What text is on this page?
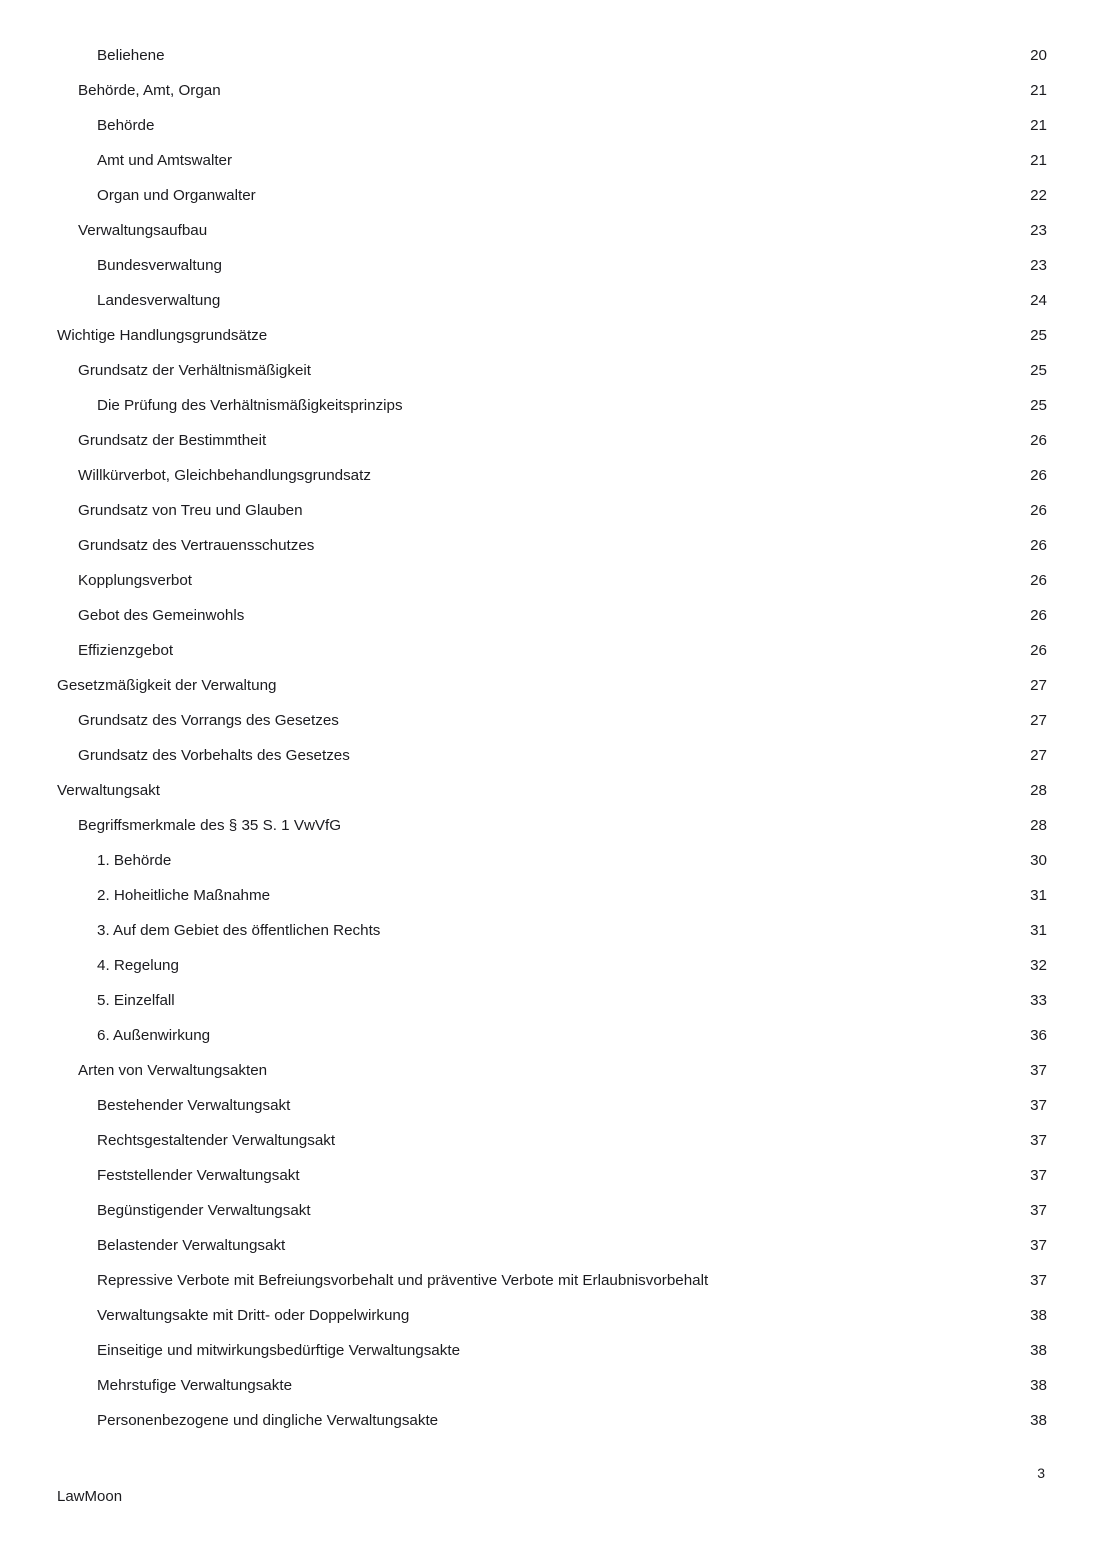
Beliehene . . .	20
Behörde, Amt, Organ . . .	21
Behörde . . .	21
Amt und Amtswalter . . .	21
Organ und Organwalter . . .	22
Verwaltungsaufbau . . .	23
Bundesverwaltung . . .	23
Landesverwaltung . . .	24
Wichtige Handlungsgrundsätze . . .	25
Grundsatz der Verhältnismäßigkeit . . .	25
Die Prüfung des Verhältnismäßigkeitsprinzips . . .	25
Grundsatz der Bestimmtheit . . .	26
Willkürverbot, Gleichbehandlungsgrundsatz . . .	26
Grundsatz von Treu und Glauben . . .	26
Grundsatz des Vertrauensschutzes . . .	26
Kopplungsverbot . . .	26
Gebot des Gemeinwohls . . .	26
Effizienzgebot . . .	26
Gesetzmäßigkeit der Verwaltung . . .	27
Grundsatz des Vorrangs des Gesetzes . . .	27
Grundsatz des Vorbehalts des Gesetzes . . .	27
Verwaltungsakt . . .	28
Begriffsmerkmale des § 35 S. 1 VwVfG . . .	28
1. Behörde . . .	30
2. Hoheitliche Maßnahme . . .	31
3. Auf dem Gebiet des öffentlichen Rechts . . .	31
4. Regelung . . .	32
5. Einzelfall . . .	33
6. Außenwirkung . . .	36
Arten von Verwaltungsakten . . .	37
Bestehender Verwaltungsakt . . .	37
Rechtsgestaltender Verwaltungsakt . . .	37
Feststellender Verwaltungsakt . . .	37
Begünstigender Verwaltungsakt . . .	37
Belastender Verwaltungsakt . . .	37
Repressive Verbote mit Befreiungsvorbehalt und präventive Verbote mit Erlaubnisvorbehalt . . .	37
Verwaltungsakte mit Dritt- oder Doppelwirkung . . .	38
Einseitige und mitwirkungsbedürftige Verwaltungsakte . . .	38
Mehrstufige Verwaltungsakte . . .	38
Personenbezogene und dingliche Verwaltungsakte . . .	38
3
LawMoon
